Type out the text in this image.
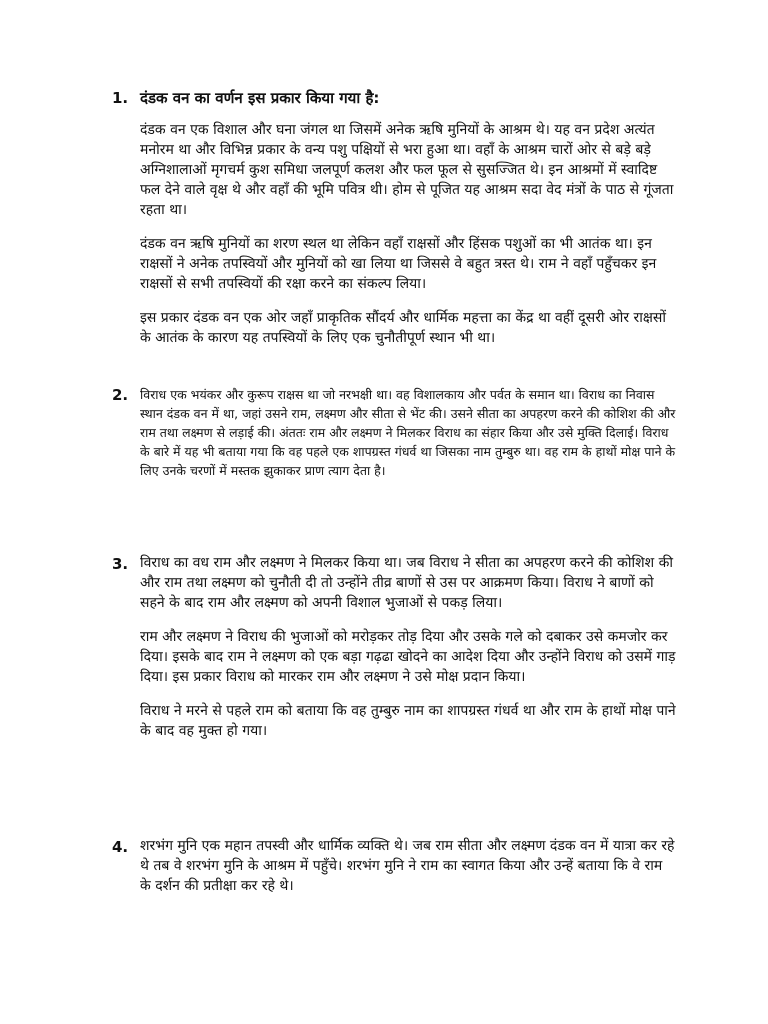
1. दंडक वन का वर्णन इस प्रकार किया गया है:

दंडक वन एक विशाल और घना जंगल था जिसमें अनेक ऋषि मुनियों के आश्रम थे। यह वन प्रदेश अत्यंत मनोरम था और विभिन्न प्रकार के वन्य पशु पक्षियों से भरा हुआ था। वहाँ के आश्रम चारों ओर से बड़े बड़े अग्निशालाओं मृगचर्म कुश समिधा जलपूर्ण कलश और फल फूल से सुसज्जित थे। इन आश्रमों में स्वादिष्ट फल देने वाले वृक्ष थे और वहाँ की भूमि पवित्र थी। होम से पूजित यह आश्रम सदा वेद मंत्रों के पाठ से गूंजता रहता था।

दंडक वन ऋषि मुनियों का शरण स्थल था लेकिन वहाँ राक्षसों और हिंसक पशुओं का भी आतंक था। इन राक्षसों ने अनेक तपस्वियों और मुनियों को खा लिया था जिससे वे बहुत त्रस्त थे। राम ने वहाँ पहुँचकर इन राक्षसों से सभी तपस्वियों की रक्षा करने का संकल्प लिया।

इस प्रकार दंडक वन एक ओर जहाँ प्राकृतिक सौंदर्य और धार्मिक महत्ता का केंद्र था वहीं दूसरी ओर राक्षसों के आतंक के कारण यह तपस्वियों के लिए एक चुनौतीपूर्ण स्थान भी था।

2. विराध एक भयंकर और कुरूप राक्षस था जो नरभक्षी था। वह विशालकाय और पर्वत के समान था। विराध का निवास स्थान दंडक वन में था, जहां उसने राम, लक्ष्मण और सीता से भेंट की। उसने सीता का अपहरण करने की कोशिश की और राम तथा लक्ष्मण से लड़ाई की। अंततः राम और लक्ष्मण ने मिलकर विराध का संहार किया और उसे मुक्ति दिलाई। विराध के बारे में यह भी बताया गया कि वह पहले एक शापग्रस्त गंधर्व था जिसका नाम तुम्बुरु था। वह राम के हाथों मोक्ष पाने के लिए उनके चरणों में मस्तक झुकाकर प्राण त्याग देता है।

3. विराध का वध राम और लक्ष्मण ने मिलकर किया था। जब विराध ने सीता का अपहरण करने की कोशिश की और राम तथा लक्ष्मण को चुनौती दी तो उन्होंने तीव्र बाणों से उस पर आक्रमण किया। विराध ने बाणों को सहने के बाद राम और लक्ष्मण को अपनी विशाल भुजाओं से पकड़ लिया।

राम और लक्ष्मण ने विराध की भुजाओं को मरोड़कर तोड़ दिया और उसके गले को दबाकर उसे कमजोर कर दिया। इसके बाद राम ने लक्ष्मण को एक बड़ा गढ़ढा खोदने का आदेश दिया और उन्होंने विराध को उसमें गाड़ दिया। इस प्रकार विराध को मारकर राम और लक्ष्मण ने उसे मोक्ष प्रदान किया।

विराध ने मरने से पहले राम को बताया कि वह तुम्बुरु नाम का शापग्रस्त गंधर्व था और राम के हाथों मोक्ष पाने के बाद वह मुक्त हो गया।

4. शरभंग मुनि एक महान तपस्वी और धार्मिक व्यक्ति थे। जब राम सीता और लक्ष्मण दंडक वन में यात्रा कर रहे थे तब वे शरभंग मुनि के आश्रम में पहुँचे। शरभंग मुनि ने राम का स्वागत किया और उन्हें बताया कि वे राम के दर्शन की प्रतीक्षा कर रहे थे।
